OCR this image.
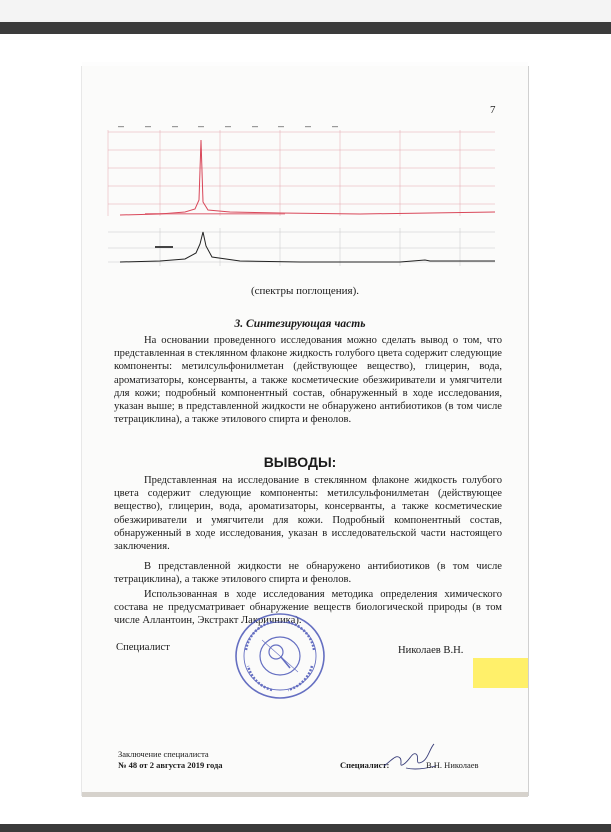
7
(спектры поглощения).
3. Синтезирующая часть

На основании проведенного исследования можно сделать вывод о том, что представленная в стеклянном флаконе жидкость голубого цвета содержит следующие компоненты: метилсульфонилметан (действующее вещество), глицерин, вода, ароматизаторы, консерванты, а также косметические обезжириватели и умягчители для кожи; подробный компонентный состав, обнаруженный в ходе исследования, указан выше; в представленной жидкости не обнаружено антибиотиков (в том числе тетрациклина), а также этилового спирта и фенолов.

ВЫВОДЫ:

Представленная на исследование в стеклянном флаконе жидкость голубого цвета содержит следующие компоненты: метилсульфонилметан (действующее вещество), глицерин, вода, ароматизаторы, консерванты, а также косметические обезжириватели и умягчители для кожи. Подробный компонентный состав, обнаруженный в ходе исследования, указан в исследовательской части настоящего заключения.

В представленной жидкости не обнаружено антибиотиков (в том числе тетрациклина), а также этилового спирта и фенолов.

Использованная в ходе исследования методика определения химического состава не предусматривает обнаружение веществ биологической природы (в том числе Аллантоин, Экстракт Лакричника).

Специалист	Николаев В.Н.
Заключение специалиста
№ 48 от 2 августа 2019 года	Специалист:	В.Н. Николаев
